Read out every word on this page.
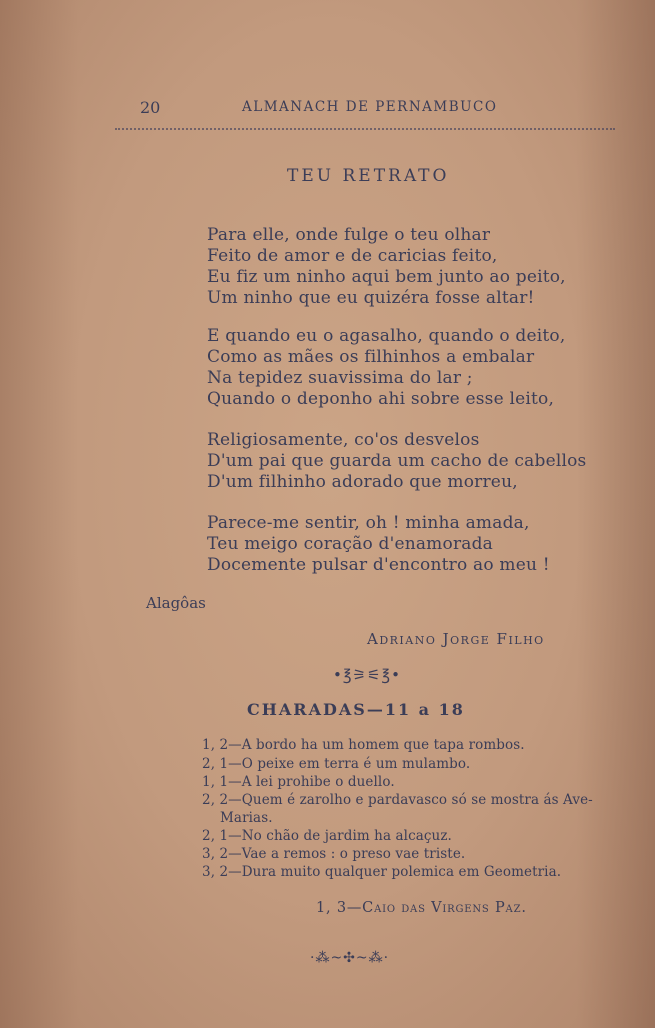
20	ALMANACH DE PERNAMBUCO
TEU RETRATO
Para elle, onde fulge o teu olhar
Feito de amor e de caricias feito,
Eu fiz um ninho aqui bem junto ao peito,
Um ninho que eu quizéra fosse altar!
E quando eu o agasalho, quando o deito,
Como as mães os filhinhos a embalar
Na tepidez suavissima do lar ;
Quando o deponho ahi sobre esse leito,
Religiosamente, co'os desvelos
D'um pai que guarda um cacho de cabellos
D'um filhinho adorado que morreu,
Parece-me sentir, oh ! minha amada,
Teu meigo coração d'enamorada
Docemente pulsar d'encontro ao meu !
Alagôas
Adriano Jorge Filho
•℥⚞⚟℥•
CHARADAS—11 a 18
1, 2—A bordo ha um homem que tapa rombos.
2, 1—O peixe em terra é um mulambo.
1, 1—A lei prohibe o duello.
2, 2—Quem é zarolho e pardavasco só se mostra ás Ave-
Marias.
2, 1—No chão de jardim ha alcaçuz.
3, 2—Vae a remos : o preso vae triste.
3, 2—Dura muito qualquer polemica em Geometria.
1, 3—Caio das Virgens Paz.
·⁂~✣~⁂·
